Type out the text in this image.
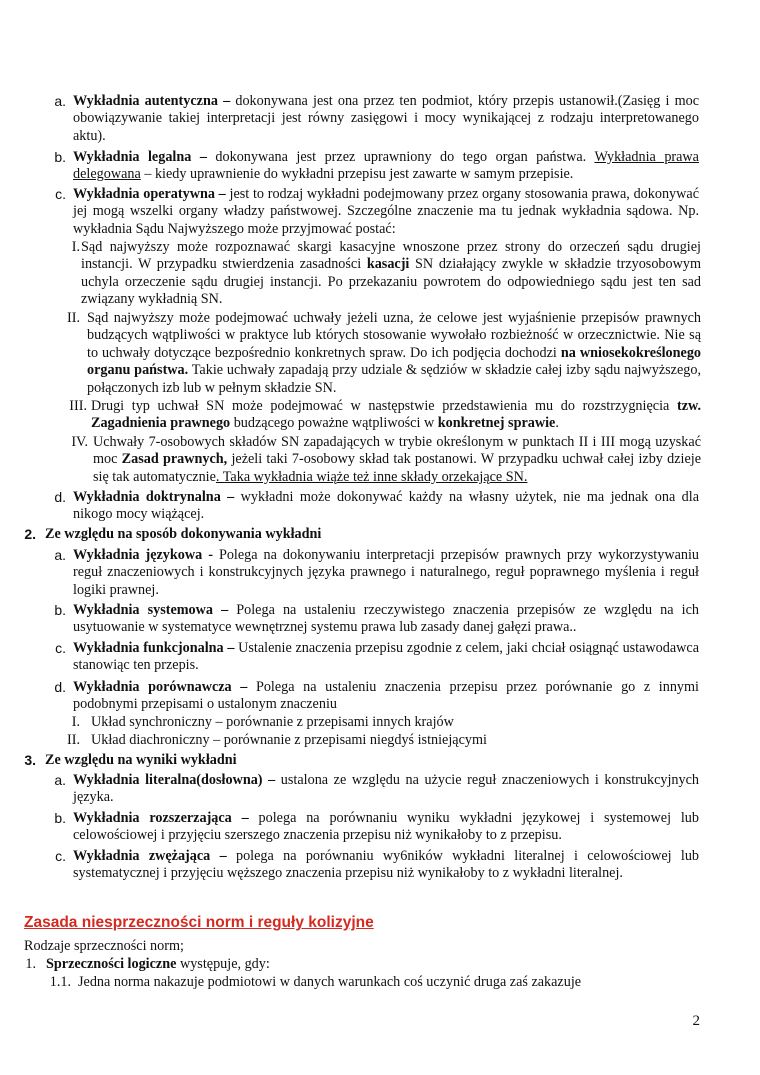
a. Wykładnia autentyczna – dokonywana jest ona przez ten podmiot, który przepis ustanowił.(Zasięg i moc obowiązywanie takiej interpretacji jest równy zasięgowi i mocy wynikającej z rodzaju interpretowanego aktu).
b. Wykładnia legalna – dokonywana jest przez uprawniony do tego organ państwa. Wykładnia prawa delegowana – kiedy uprawnienie do wykładni przepisu jest zawarte w samym przepisie.
c. Wykładnia operatywna – jest to rodzaj wykładni podejmowany przez organy stosowania prawa, dokonywać jej mogą wszelki organy władzy państwowej. Szczególne znaczenie ma tu jednak wykładnia sądowa. Np. wykładnia Sądu Najwyższego może przyjmować postać:
I. Sąd najwyższy może rozpoznawać skargi kasacyjne wnoszone przez strony do orzeczeń sądu drugiej instancji. W przypadku stwierdzenia zasadności kasacji SN działający zwykle w składzie trzyosobowym uchyla orzeczenie sądu drugiej instancji. Po przekazaniu powrotem do odpowiedniego sądu jest ten sad związany wykładnią SN.
II. Sąd najwyższy może podejmować uchwały jeżeli uzna, że celowe jest wyjaśnienie przepisów prawnych budzących wątpliwości w praktyce lub których stosowanie wywołało rozbieżność w orzecznictwie. Nie są to uchwały dotyczące bezpośrednio konkretnych spraw. Do ich podjęcia dochodzi na wniosekokreślonego organu państwa. Takie uchwały zapadają przy udziale & sędziów w składzie całej izby sądu najwyższego, połączonych izb lub w pełnym składzie SN.
III. Drugi typ uchwał SN może podejmować w następstwie przedstawienia mu do rozstrzygnięcia tzw. Zagadnienia prawnego budzącego poważne wątpliwości w konkretnej sprawie.
IV. Uchwały 7-osobowych składów SN zapadających w trybie określonym w punktach II i III mogą uzyskać moc Zasad prawnych, jeżeli taki 7-osobowy skład tak postanowi. W przypadku uchwał całej izby dzieje się tak automatycznie. Taka wykładnia wiąże też inne składy orzekające SN.
d. Wykładnia doktrynalna – wykładni może dokonywać każdy na własny użytek, nie ma jednak ona dla nikogo mocy wiążącej.
2. Ze względu na sposób dokonywania wykładni
a. Wykładnia językowa - Polega na dokonywaniu interpretacji przepisów prawnych przy wykorzystywaniu reguł znaczeniowych i konstrukcyjnych języka prawnego i naturalnego, reguł poprawnego myślenia i reguł logiki prawnej.
b. Wykładnia systemowa – Polega na ustaleniu rzeczywistego znaczenia przepisów ze względu na ich usytuowanie w systematyce wewnętrznej systemu prawa lub zasady danej gałęzi prawa..
c. Wykładnia funkcjonalna – Ustalenie znaczenia przepisu zgodnie z celem, jaki chciał osiągnąć ustawodawca stanowiąc ten przepis.
d. Wykładnia porównawcza – Polega na ustaleniu znaczenia przepisu przez porównanie go z innymi podobnymi przepisami o ustalonym znaczeniu
I. Układ synchroniczny – porównanie z przepisami innych krajów
II. Układ diachroniczny – porównanie z przepisami niegdyś istniejącymi
3. Ze względu na wyniki wykładni
a. Wykładnia literalna(dosłowna) – ustalona ze względu na użycie reguł znaczeniowych i konstrukcyjnych języka.
b. Wykładnia rozszerzająca – polega na porównaniu wyniku wykładni językowej i systemowej lub celowościowej i przyjęciu szerszego znaczenia przepisu niż wynikałoby to z przepisu.
c. Wykładnia zwężająca – polega na porównaniu wy6ników wykładni literalnej i celowościowej lub systematycznej i przyjęciu węższego znaczenia przepisu niż wynikałoby to z wykładni literalnej.
Zasada niesprzeczności norm i reguły kolizyjne
Rodzaje sprzeczności norm;
1. Sprzeczności logiczne występuje, gdy:
1.1. Jedna norma nakazuje podmiotowi w danych warunkach coś uczynić druga zaś zakazuje
2
